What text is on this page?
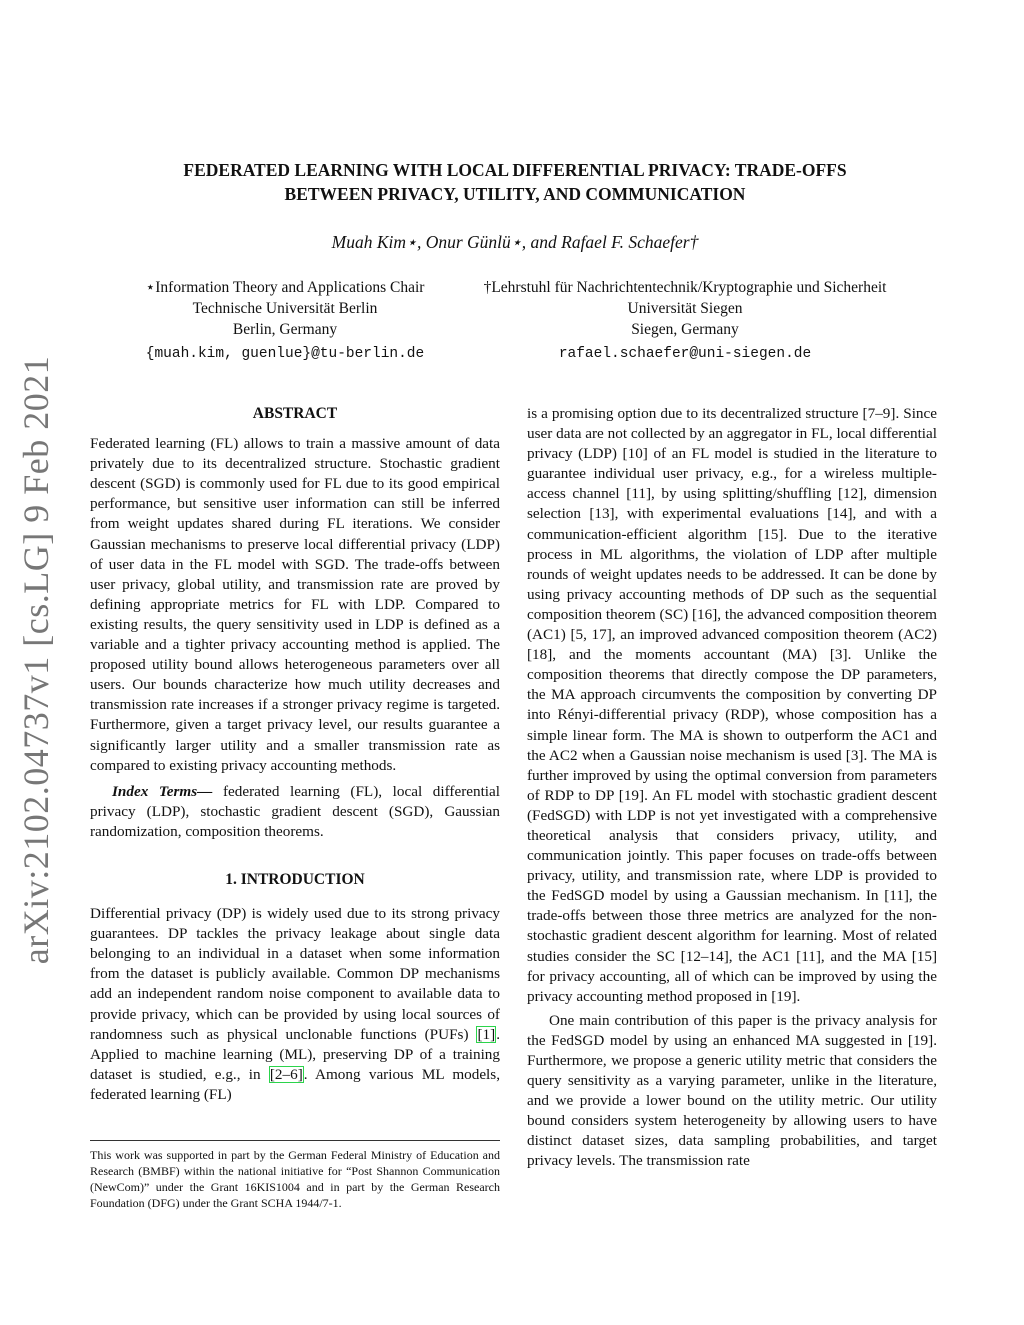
arXiv:2102.04737v1 [cs.LG] 9 Feb 2021
FEDERATED LEARNING WITH LOCAL DIFFERENTIAL PRIVACY: TRADE-OFFS
BETWEEN PRIVACY, UTILITY, AND COMMUNICATION
Muah Kim⋆, Onur Günlü⋆, and Rafael F. Schaefer†
⋆Information Theory and Applications Chair
Technische Universität Berlin
Berlin, Germany
{muah.kim, guenlue}@tu-berlin.de
†Lehrstuhl für Nachrichtentechnik/Kryptographie und Sicherheit
Universität Siegen
Siegen, Germany
rafael.schaefer@uni-siegen.de
ABSTRACT

Federated learning (FL) allows to train a massive amount of data privately due to its decentralized structure. Stochastic gradient descent (SGD) is commonly used for FL due to its good empirical performance, but sensitive user information can still be inferred from weight updates shared during FL iterations. We consider Gaussian mechanisms to preserve local differential privacy (LDP) of user data in the FL model with SGD. The trade-offs between user privacy, global utility, and transmission rate are proved by defining appropriate metrics for FL with LDP. Compared to existing results, the query sensitivity used in LDP is defined as a variable and a tighter privacy accounting method is applied. The proposed utility bound allows heterogeneous parameters over all users. Our bounds characterize how much utility decreases and transmission rate increases if a stronger privacy regime is targeted. Furthermore, given a target privacy level, our results guarantee a significantly larger utility and a smaller transmission rate as compared to existing privacy accounting methods.

Index Terms— federated learning (FL), local differential privacy (LDP), stochastic gradient descent (SGD), Gaussian randomization, composition theorems.

1. INTRODUCTION

Differential privacy (DP) is widely used due to its strong privacy guarantees. DP tackles the privacy leakage about single data belonging to an individual in a dataset when some information from the dataset is publicly available. Common DP mechanisms add an independent random noise component to available data to provide privacy, which can be provided by using local sources of randomness such as physical unclonable functions (PUFs) [1]. Applied to machine learning (ML), preserving DP of a training dataset is studied, e.g., in [2–6]. Among various ML models, federated learning (FL)

This work was supported in part by the German Federal Ministry of Education and Research (BMBF) within the national initiative for “Post Shannon Communication (NewCom)” under the Grant 16KIS1004 and in part by the German Research Foundation (DFG) under the Grant SCHA 1944/7-1.

is a promising option due to its decentralized structure [7–9]. Since user data are not collected by an aggregator in FL, local differential privacy (LDP) [10] of an FL model is studied in the literature to guarantee individual user privacy, e.g., for a wireless multiple-access channel [11], by using splitting/shuffling [12], dimension selection [13], with experimental evaluations [14], and with a communication-efficient algorithm [15]. Due to the iterative process in ML algorithms, the violation of LDP after multiple rounds of weight updates needs to be addressed. It can be done by using privacy accounting methods of DP such as the sequential composition theorem (SC) [16], the advanced composition theorem (AC1) [5, 17], an improved advanced composition theorem (AC2) [18], and the moments accountant (MA) [3]. Unlike the composition theorems that directly compose the DP parameters, the MA approach circumvents the composition by converting DP into Rényi-differential privacy (RDP), whose composition has a simple linear form. The MA is shown to outperform the AC1 and the AC2 when a Gaussian noise mechanism is used [3]. The MA is further improved by using the optimal conversion from parameters of RDP to DP [19]. An FL model with stochastic gradient descent (FedSGD) with LDP is not yet investigated with a comprehensive theoretical analysis that considers privacy, utility, and communication jointly. This paper focuses on trade-offs between privacy, utility, and transmission rate, where LDP is provided to the FedSGD model by using a Gaussian mechanism. In [11], the trade-offs between those three metrics are analyzed for the non-stochastic gradient descent algorithm for learning. Most of related studies consider the SC [12–14], the AC1 [11], and the MA [15] for privacy accounting, all of which can be improved by using the privacy accounting method proposed in [19].

One main contribution of this paper is the privacy analysis for the FedSGD model by using an enhanced MA suggested in [19]. Furthermore, we propose a generic utility metric that considers the query sensitivity as a varying parameter, unlike in the literature, and we provide a lower bound on the utility metric. Our utility bound considers system heterogeneity by allowing users to have distinct dataset sizes, data sampling probabilities, and target privacy levels. The transmission rate
